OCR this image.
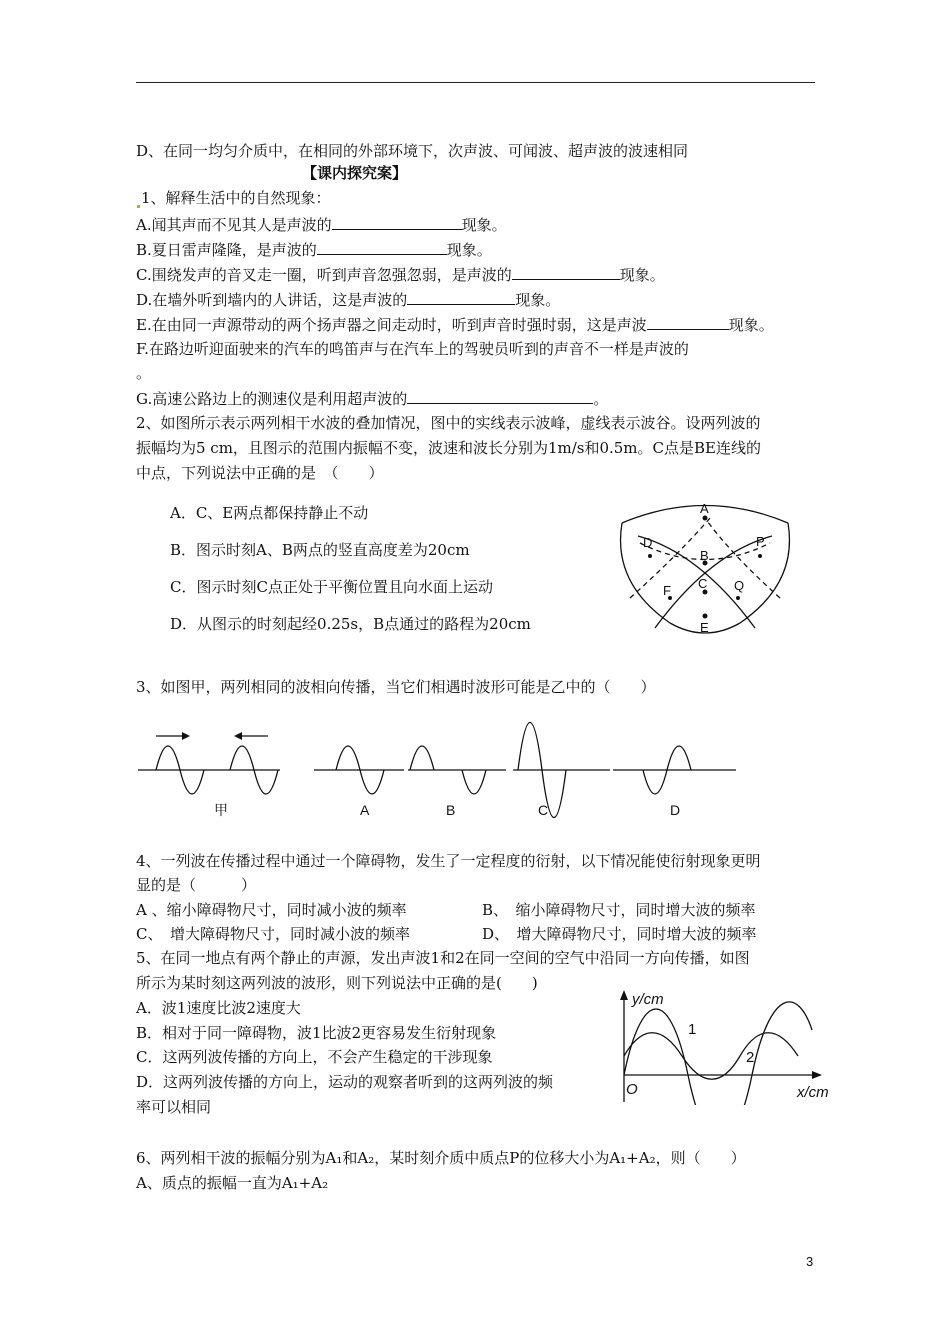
D、在同一均匀介质中，在相同的外部环境下，次声波、可闻波、超声波的波速相同
【课内探究案】
1、解释生活中的自然现象：
A.闻其声而不见其人是声波的	现象。
B.夏日雷声隆隆，是声波的	现象。
C.围绕发声的音叉走一圈，听到声音忽强忽弱，是声波的	现象。
D.在墙外听到墙内的人讲话，这是声波的	现象。
E.在由同一声源带动的两个扬声器之间走动时，听到声音时强时弱，这是声波	现象。
F.在路边听迎面驶来的汽车的鸣笛声与在汽车上的驾驶员听到的声音不一样是声波的
。
G.高速公路边上的测速仪是利用超声波的	。
2、如图所示表示两列相干水波的叠加情况，图中的实线表示波峰，虚线表示波谷。设两列波的
振幅均为5 cm，且图示的范围内振幅不变，波速和波长分别为1m/s和0.5m。C点是BE连线的
中点，下列说法中正确的是　（　　）
A．C、E两点都保持静止不动
B．图示时刻A、B两点的竖直高度差为20cm
C．图示时刻C点正处于平衡位置且向水面上运动
D．从图示的时刻起经0.25s，B点通过的路程为20cm
A
D	P
B
C
F	Q
E
3、如图甲，两列相同的波相向传播，当它们相遇时波形可能是乙中的（　　）
甲	A	B	C	D
4、一列波在传播过程中通过一个障碍物，发生了一定程度的衍射，以下情况能使衍射现象更明
显的是（　　　）
A 、缩小障碍物尺寸，同时减小波的频率	B、　缩小障碍物尺寸，同时增大波的频率
C、　增大障碍物尺寸，同时减小波的频率	D、　增大障碍物尺寸，同时增大波的频率
5、在同一地点有两个静止的声源，发出声波1和2在同一空间的空气中沿同一方向传播，如图
所示为某时刻这两列波的波形，则下列说法中正确的是(　　)
A．波1速度比波2速度大
B．相对于同一障碍物，波1比波2更容易发生衍射现象
C．这两列波传播的方向上，不会产生稳定的干涉现象
D．这两列波传播的方向上，运动的观察者听到的这两列波的频
率可以相同
y/cm
x/cm
O
1
2
6、两列相干波的振幅分别为A₁和A₂，某时刻介质中质点P的位移大小为A₁+A₂，则（　　）
A、质点的振幅一直为A₁+A₂
3
